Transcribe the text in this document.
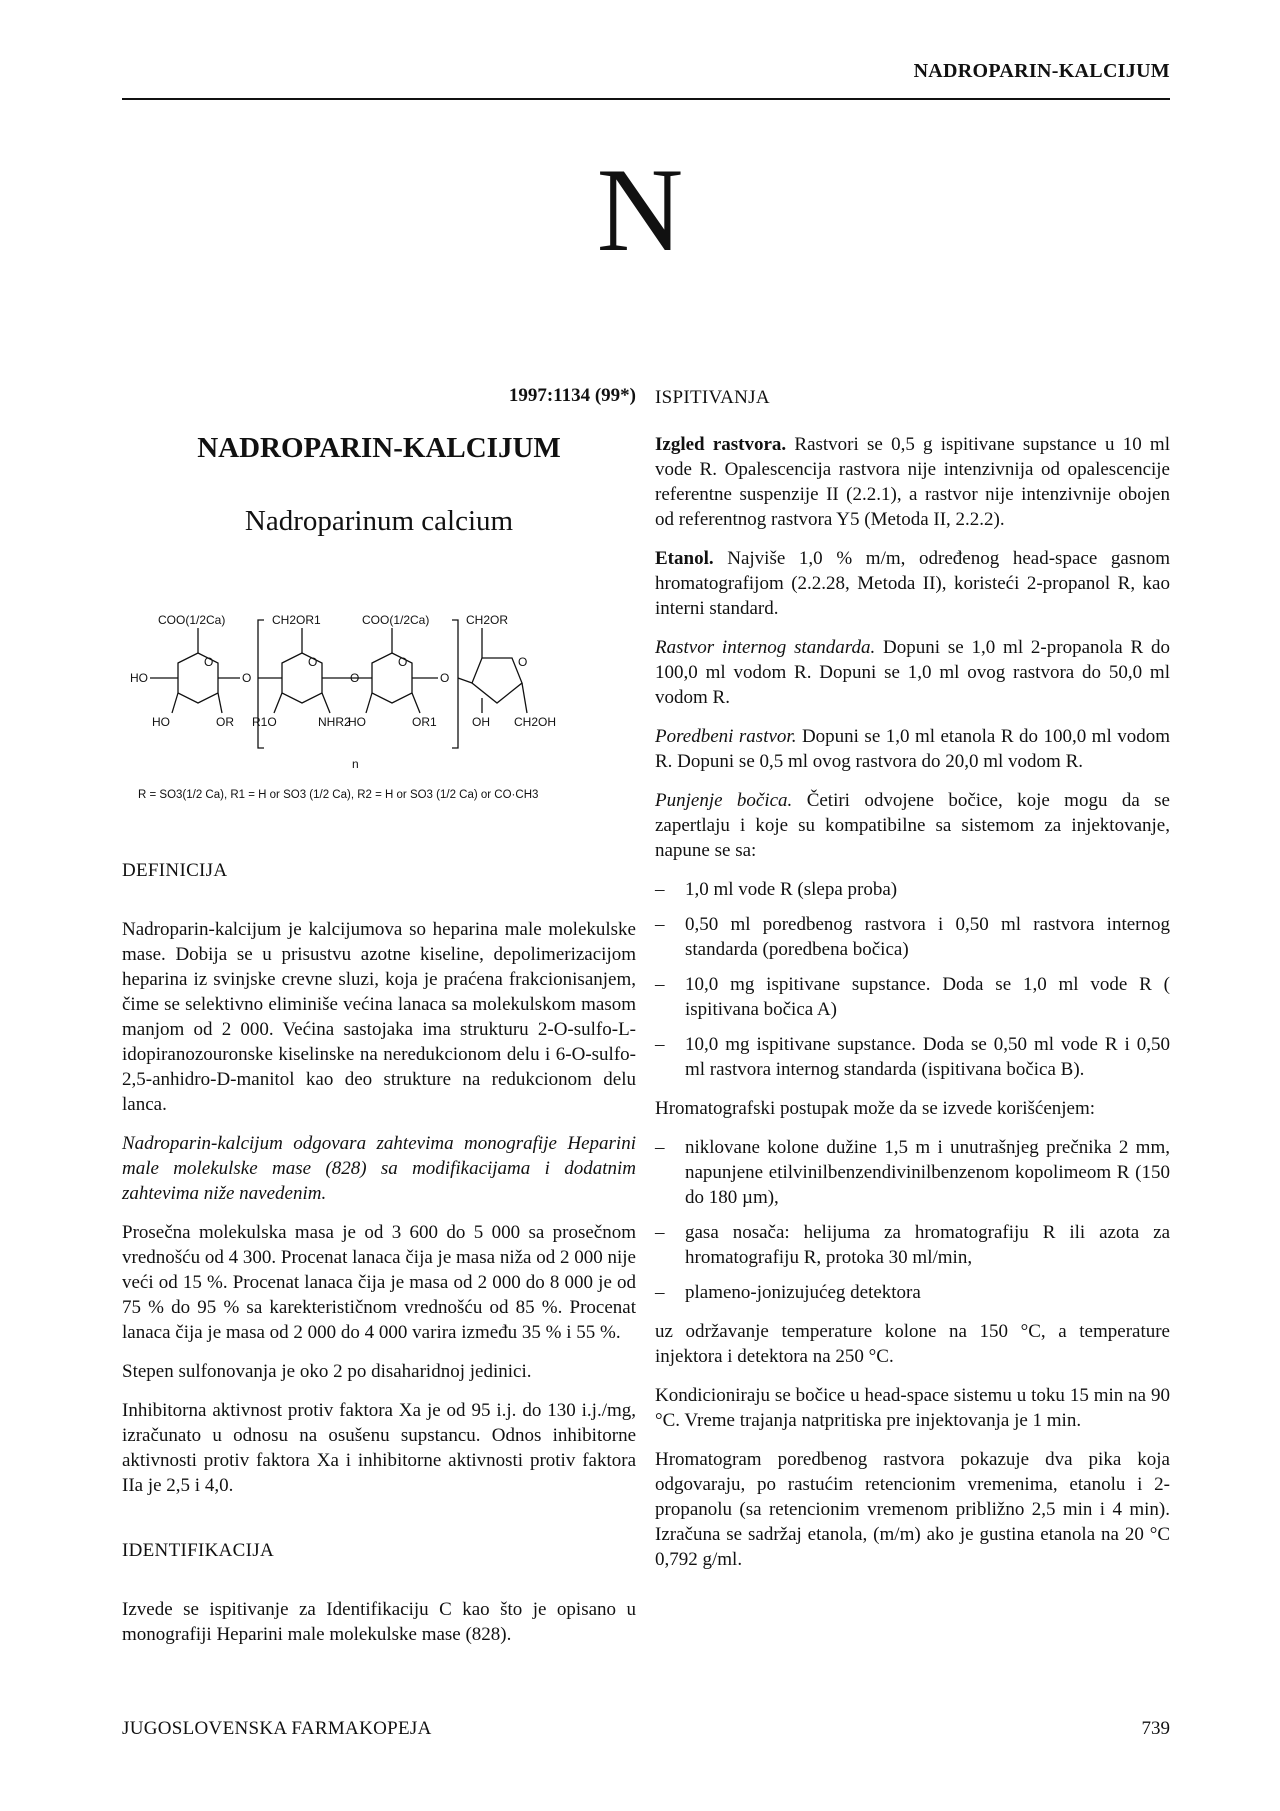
NADROPARIN-KALCIJUM
N
1997:1134 (99*)
NADROPARIN-KALCIJUM
Nadroparinum calcium
COO(1/2Ca)	CH2OR1	COO(1/2Ca)	CH2OR
HO
O
O
O
O
O
O
O
HO	OR R1O	NHR2
HO	OR1	OH CH2OH
n
R = SO3(1/2 Ca), R1 = H or SO3 (1/2 Ca), R2 = H or SO3 (1/2 Ca) or CO·CH3
DEFINICIJA

Nadroparin-kalcijum je kalcijumova so heparina male molekulske mase. Dobija se u prisustvu azotne kiseline, depolimerizacijom heparina iz svinjske crevne sluzi, koja je praćena frakcionisanjem, čime se selektivno eliminiše većina lanaca sa molekulskom masom manjom od 2 000. Većina sastojaka ima strukturu 2-O-sulfo-L-idopiranozouronske kiselinske na neredukcionom delu i 6-O-sulfo-2,5-anhidro-D-manitol kao deo strukture na redukcionom delu lanca.

Nadroparin-kalcijum odgovara zahtevima monografije Heparini male molekulske mase (828) sa modifikacijama i dodatnim zahtevima niže navedenim.

Prosečna molekulska masa je od 3 600 do 5 000 sa prosečnom vrednošću od 4 300. Procenat lanaca čija je masa niža od 2 000 nije veći od 15 %. Procenat lanaca čija je masa od 2 000 do 8 000 je od 75 % do 95 % sa karekterističnom vrednošću od 85 %. Procenat lanaca čija je masa od 2 000 do 4 000 varira između 35 % i 55 %.

Stepen sulfonovanja je oko 2 po disaharidnoj jedinici.

Inhibitorna aktivnost protiv faktora Xa je od 95 i.j. do 130 i.j./mg, izračunato u odnosu na osušenu supstancu. Odnos inhibitorne aktivnosti protiv faktora Xa i inhibitorne aktivnosti protiv faktora IIa je 2,5 i 4,0.

IDENTIFIKACIJA

Izvede se ispitivanje za Identifikaciju C kao što je opisano u monografiji Heparini male molekulske mase (828).

ISPITIVANJA

Izgled rastvora. Rastvori se 0,5 g ispitivane supstance u 10 ml vode R. Opalescencija rastvora nije intenzivnija od opalescencije referentne suspenzije II (2.2.1), a rastvor nije intenzivnije obojen od referentnog rastvora Y5 (Metoda II, 2.2.2).

Etanol. Najviše 1,0 % m/m, određenog head-space gasnom hromatografijom (2.2.28, Metoda II), koristeći 2-propanol R, kao interni standard.

Rastvor internog standarda. Dopuni se 1,0 ml 2-propanola R do 100,0 ml vodom R. Dopuni se 1,0 ml ovog rastvora do 50,0 ml vodom R.

Poredbeni rastvor. Dopuni se 1,0 ml etanola R do 100,0 ml vodom R. Dopuni se 0,5 ml ovog rastvora do 20,0 ml vodom R.

Punjenje bočica. Četiri odvojene bočice, koje mogu da se zapertlaju i koje su kompatibilne sa sistemom za injektovanje, napune se sa:

– 1,0 ml vode R (slepa proba)
– 0,50 ml poredbenog rastvora i 0,50 ml rastvora internog standarda (poredbena bočica)
– 10,0 mg ispitivane supstance. Doda se 1,0 ml vode R ( ispitivana bočica A)
– 10,0 mg ispitivane supstance. Doda se 0,50 ml vode R i 0,50 ml rastvora internog standarda (ispitivana bočica B).

Hromatografski postupak može da se izvede korišćenjem:

– niklovane kolone dužine 1,5 m i unutrašnjeg prečnika 2 mm, napunjene etilvinilbenzendivinilbenzenom kopolimeom R (150 do 180 µm),
– gasa nosača: helijuma za hromatografiju R ili azota za hromatografiju R, protoka 30 ml/min,
– plameno-jonizujućeg detektora

uz održavanje temperature kolone na 150 °C, a temperature injektora i detektora na 250 °C.

Kondicioniraju se bočice u head-space sistemu u toku 15 min na 90 °C. Vreme trajanja natpritiska pre injektovanja je 1 min.

Hromatogram poredbenog rastvora pokazuje dva pika koja odgovaraju, po rastućim retencionim vremenima, etanolu i 2-propanolu (sa retencionim vremenom približno 2,5 min i 4 min). Izračuna se sadržaj etanola, (m/m) ako je gustina etanola na 20 °C 0,792 g/ml.

JUGOSLOVENSKA FARMAKOPEJA	739
